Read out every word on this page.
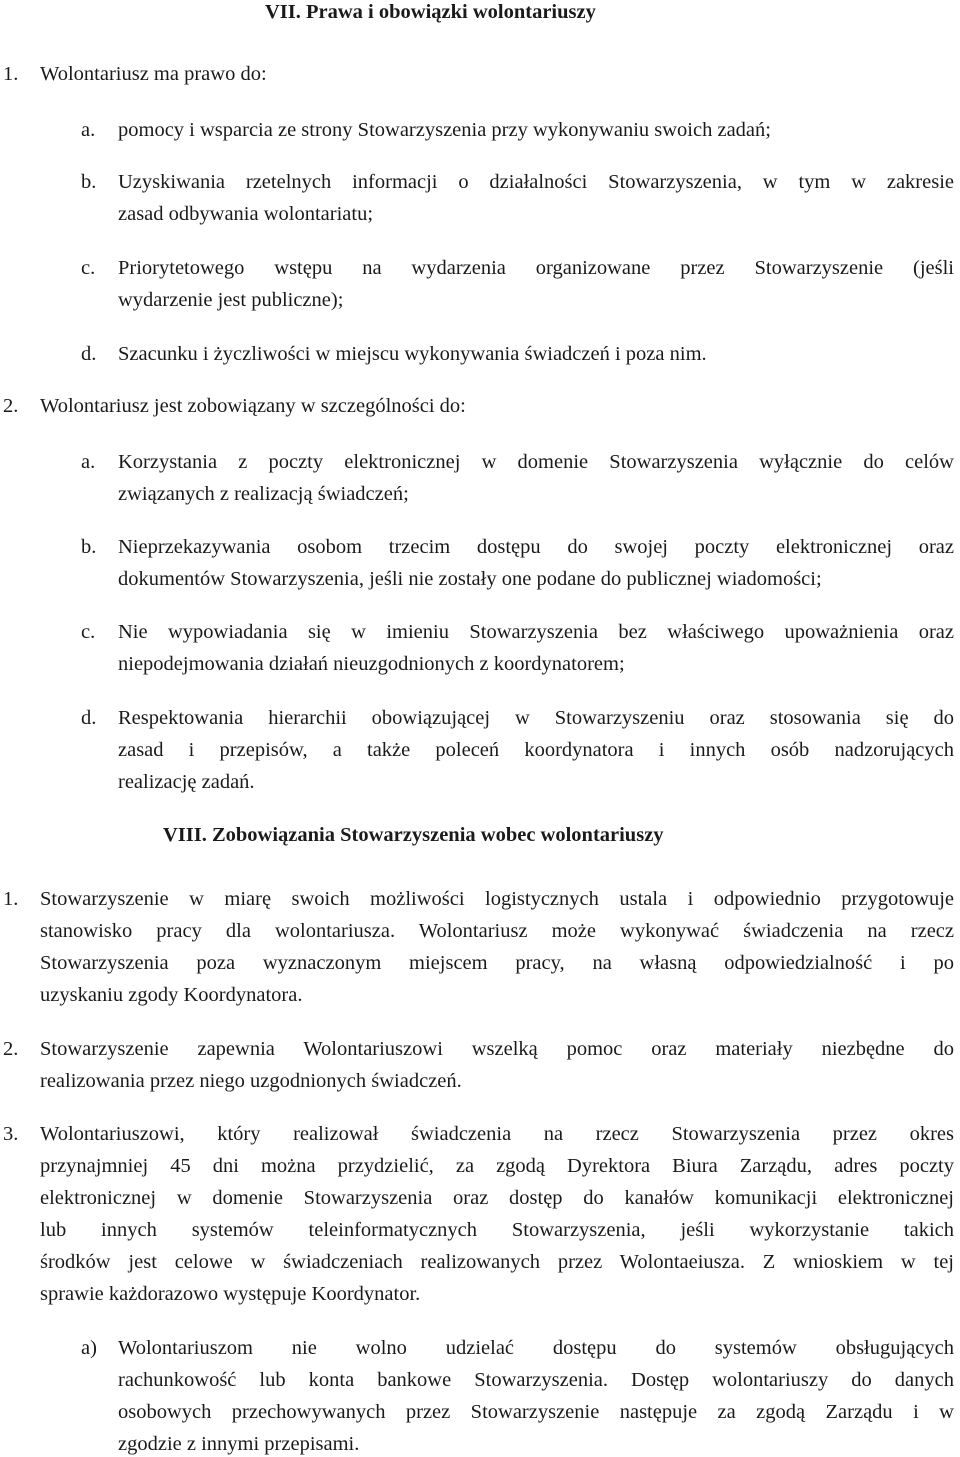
VII. Prawa i obowiązki wolontariuszy
1. Wolontariusz ma prawo do:
a. pomocy i wsparcia ze strony Stowarzyszenia przy wykonywaniu swoich zadań;
b. Uzyskiwania rzetelnych informacji o działalności Stowarzyszenia, w tym w zakresie
zasad odbywania wolontariatu;
c. Priorytetowego wstępu na wydarzenia organizowane przez Stowarzyszenie (jeśli
wydarzenie jest publiczne);
d. Szacunku i życzliwości w miejscu wykonywania świadczeń i poza nim.
2. Wolontariusz jest zobowiązany w szczególności do:
a. Korzystania z poczty elektronicznej w domenie Stowarzyszenia wyłącznie do celów
związanych z realizacją świadczeń;
b. Nieprzekazywania osobom trzecim dostępu do swojej poczty elektronicznej oraz
dokumentów Stowarzyszenia, jeśli nie zostały one podane do publicznej wiadomości;
c. Nie wypowiadania się w imieniu Stowarzyszenia bez właściwego upoważnienia oraz
niepodejmowania działań nieuzgodnionych z koordynatorem;
d. Respektowania hierarchii obowiązującej w Stowarzyszeniu oraz stosowania się do
zasad i przepisów, a także poleceń koordynatora i innych osób nadzorujących
realizację zadań.
VIII. Zobowiązania Stowarzyszenia wobec wolontariuszy
1. Stowarzyszenie w miarę swoich możliwości logistycznych ustala i odpowiednio przygotowuje
stanowisko pracy dla wolontariusza. Wolontariusz może wykonywać świadczenia na rzecz
Stowarzyszenia poza wyznaczonym miejscem pracy, na własną odpowiedzialność i po
uzyskaniu zgody Koordynatora.
2. Stowarzyszenie zapewnia Wolontariuszowi wszelką pomoc oraz materiały niezbędne do
realizowania przez niego uzgodnionych świadczeń.
3. Wolontariuszowi, który realizował świadczenia na rzecz Stowarzyszenia przez okres
przynajmniej 45 dni można przydzielić, za zgodą Dyrektora Biura Zarządu, adres poczty
elektronicznej w domenie Stowarzyszenia oraz dostęp do kanałów komunikacji elektronicznej
lub innych systemów teleinformatycznych Stowarzyszenia, jeśli wykorzystanie takich
środków jest celowe w świadczeniach realizowanych przez Wolontaeiusza. Z wnioskiem w tej
sprawie każdorazowo występuje Koordynator.
a) Wolontariuszom nie wolno udzielać dostępu do systemów obsługujących
rachunkowość lub konta bankowe Stowarzyszenia. Dostęp wolontariuszy do danych
osobowych przechowywanych przez Stowarzyszenie następuje za zgodą Zarządu i w
zgodzie z innymi przepisami.
